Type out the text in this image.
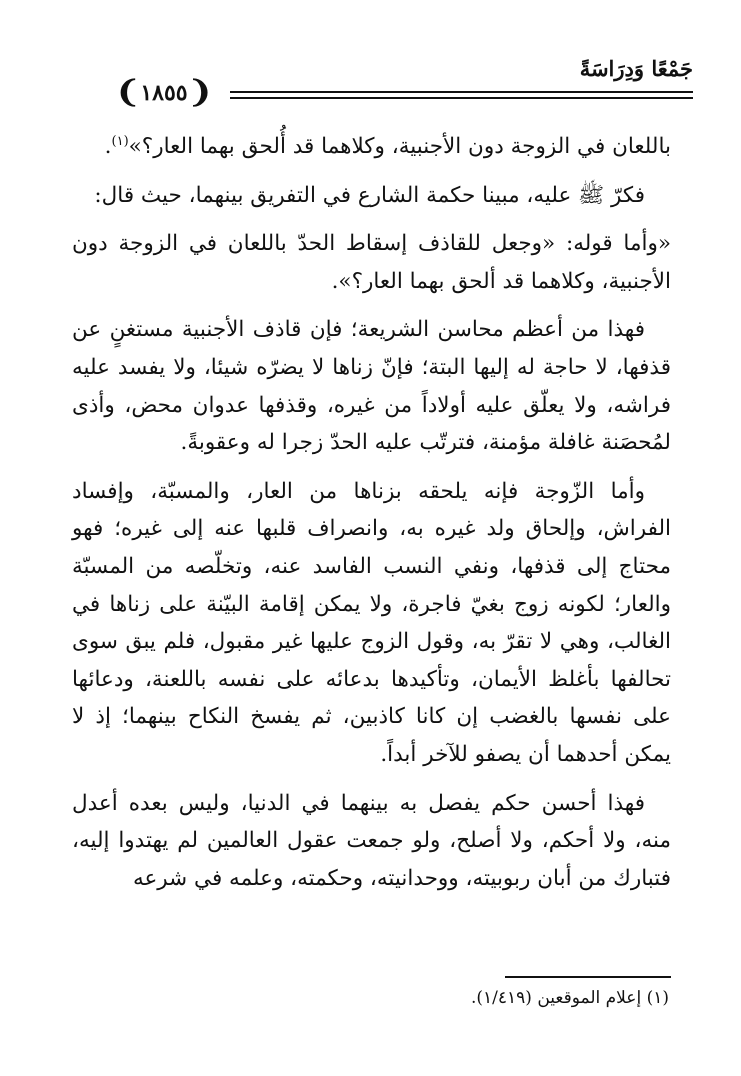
جَمْعًا وَدِرَاسَةً
❨ ١٨٥٥ ❩

باللعان في الزوجة دون الأجنبية، وكلاهما قد أُلحق بهما العار؟»$^{(١)}$.

فكرّ ﷺ عليه، مبينا حكمة الشارع في التفريق بينهما، حيث قال:

«وأما قوله: «وجعل للقاذف إسقاط الحدّ باللعان في الزوجة دون الأجنبية، وكلاهما قد ألحق بهما العار؟».

فهذا من أعظم محاسن الشريعة؛ فإن قاذف الأجنبية مستغنٍ عن قذفها، لا حاجة له إليها البتة؛ فإنّ زناها لا يضرّه شيئا، ولا يفسد عليه فراشه، ولا يعلّق عليه أولاداً من غيره، وقذفها عدوان محض، وأذى لمُحصَنة غافلة مؤمنة، فترتّب عليه الحدّ زجرا له وعقوبةً.

وأما الزّوجة فإنه يلحقه بزناها من العار، والمسبّة، وإفساد الفراش، وإلحاق ولد غيره به، وانصراف قلبها عنه إلى غيره؛ فهو محتاج إلى قذفها، ونفي النسب الفاسد عنه، وتخلّصه من المسبّة والعار؛ لكونه زوج بغيّ فاجرة، ولا يمكن إقامة البيّنة على زناها في الغالب، وهي لا تقرّ به، وقول الزوج عليها غير مقبول، فلم يبق سوى تحالفها بأغلظ الأيمان، وتأكيدها بدعائه على نفسه باللعنة، ودعائها على نفسها بالغضب إن كانا كاذبين، ثم يفسخ النكاح بينهما؛ إذ لا يمكن أحدهما أن يصفو للآخر أبداً.

فهذا أحسن حكم يفصل به بينهما في الدنيا، وليس بعده أعدل منه، ولا أحكم، ولا أصلح، ولو جمعت عقول العالمين لم يهتدوا إليه، فتبارك من أبان ربوبيته، ووحدانيته، وحكمته، وعلمه في شرعه

(١) إعلام الموقعين (١/٤١٩).
